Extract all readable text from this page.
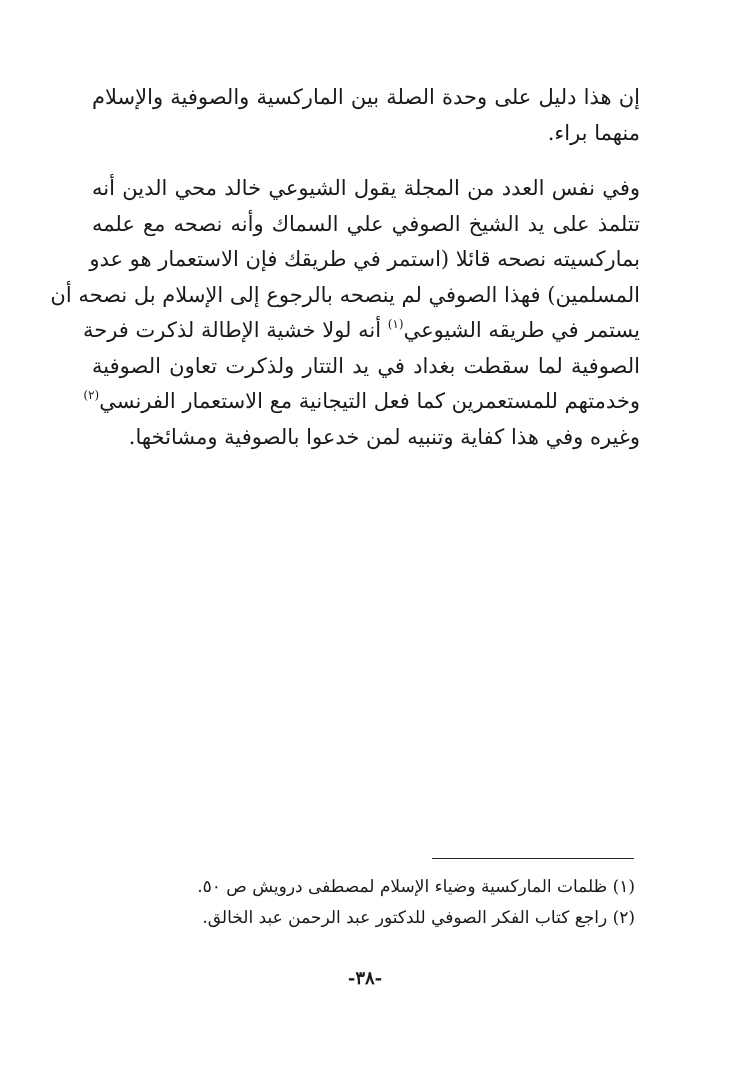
إن هذا دليل على وحدة الصلة بين الماركسية والصوفية والإسلام
منهما براء.

وفي نفس العدد من المجلة يقول الشيوعي خالد محي الدين أنه
تتلمذ على يد الشيخ الصوفي علي السماك وأنه نصحه مع علمه
بماركسيته نصحه قائلا (استمر في طريقك فإن الاستعمار هو عدو
المسلمين) فهذا الصوفي لم ينصحه بالرجوع إلى الإسلام بل نصحه أن
يستمر في طريقه الشيوعي$^{(١)}$ أنه لولا خشية الإطالة لذكرت فرحة
الصوفية لما سقطت بغداد في يد التتار ولذكرت تعاون الصوفية
وخدمتهم للمستعمرين كما فعل التيجانية مع الاستعمار الفرنسي$^{(٢)}$
وغيره وفي هذا كفاية وتنبيه لمن خدعوا بالصوفية ومشائخها.

(١) ظلمات الماركسية وضياء الإسلام لمصطفى درويش ص ٥٠.
(٢) راجع كتاب الفكر الصوفي للدكتور عبد الرحمن عبد الخالق.
-٣٨-
